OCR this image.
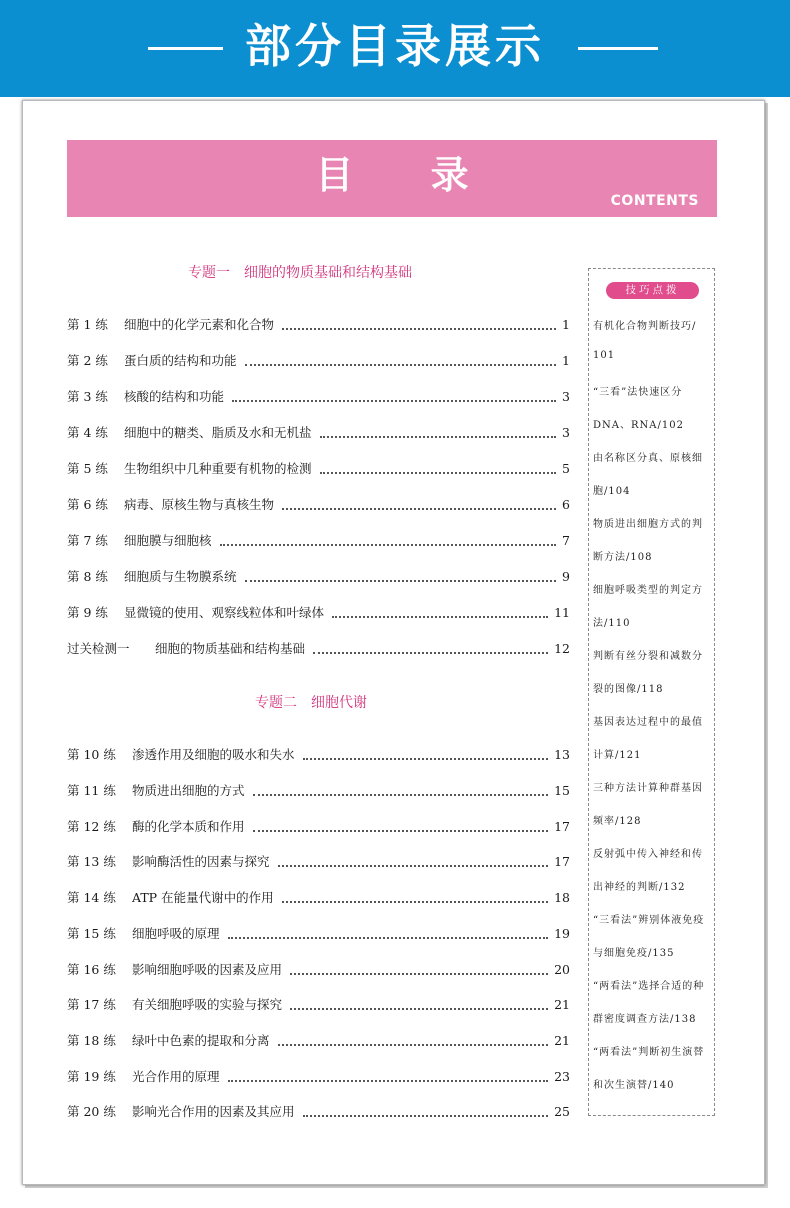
部分目录展示
目 录
CONTENTS
专题一　细胞的物质基础和结构基础
第 1 练	细胞中的化学元素和化合物	1
第 2 练	蛋白质的结构和功能	1
第 3 练	核酸的结构和功能	3
第 4 练	细胞中的糖类、脂质及水和无机盐	3
第 5 练	生物组织中几种重要有机物的检测	5
第 6 练	病毒、原核生物与真核生物	6
第 7 练	细胞膜与细胞核	7
第 8 练	细胞质与生物膜系统	9
第 9 练	显微镜的使用、观察线粒体和叶绿体	11
过关检测一	细胞的物质基础和结构基础	12
专题二　细胞代谢
第 10 练	渗透作用及细胞的吸水和失水	13
第 11 练	物质进出细胞的方式	15
第 12 练	酶的化学本质和作用	17
第 13 练	影响酶活性的因素与探究	17
第 14 练	ATP 在能量代谢中的作用	18
第 15 练	细胞呼吸的原理	19
第 16 练	影响细胞呼吸的因素及应用	20
第 17 练	有关细胞呼吸的实验与探究	21
第 18 练	绿叶中色素的提取和分离	21
第 19 练	光合作用的原理	23
第 20 练	影响光合作用的因素及其应用	25
技巧点拨
有机化合物判断技巧/
101
“三看”法快速区分
DNA、RNA/102
由名称区分真、原核细
胞/104
物质进出细胞方式的判
断方法/108
细胞呼吸类型的判定方
法/110
判断有丝分裂和减数分
裂的图像/118
基因表达过程中的最值
计算/121
三种方法计算种群基因
频率/128
反射弧中传入神经和传
出神经的判断/132
“三看法”辨别体液免疫
与细胞免疫/135
“两看法”选择合适的种
群密度调查方法/138
“两看法”判断初生演替
和次生演替/140
